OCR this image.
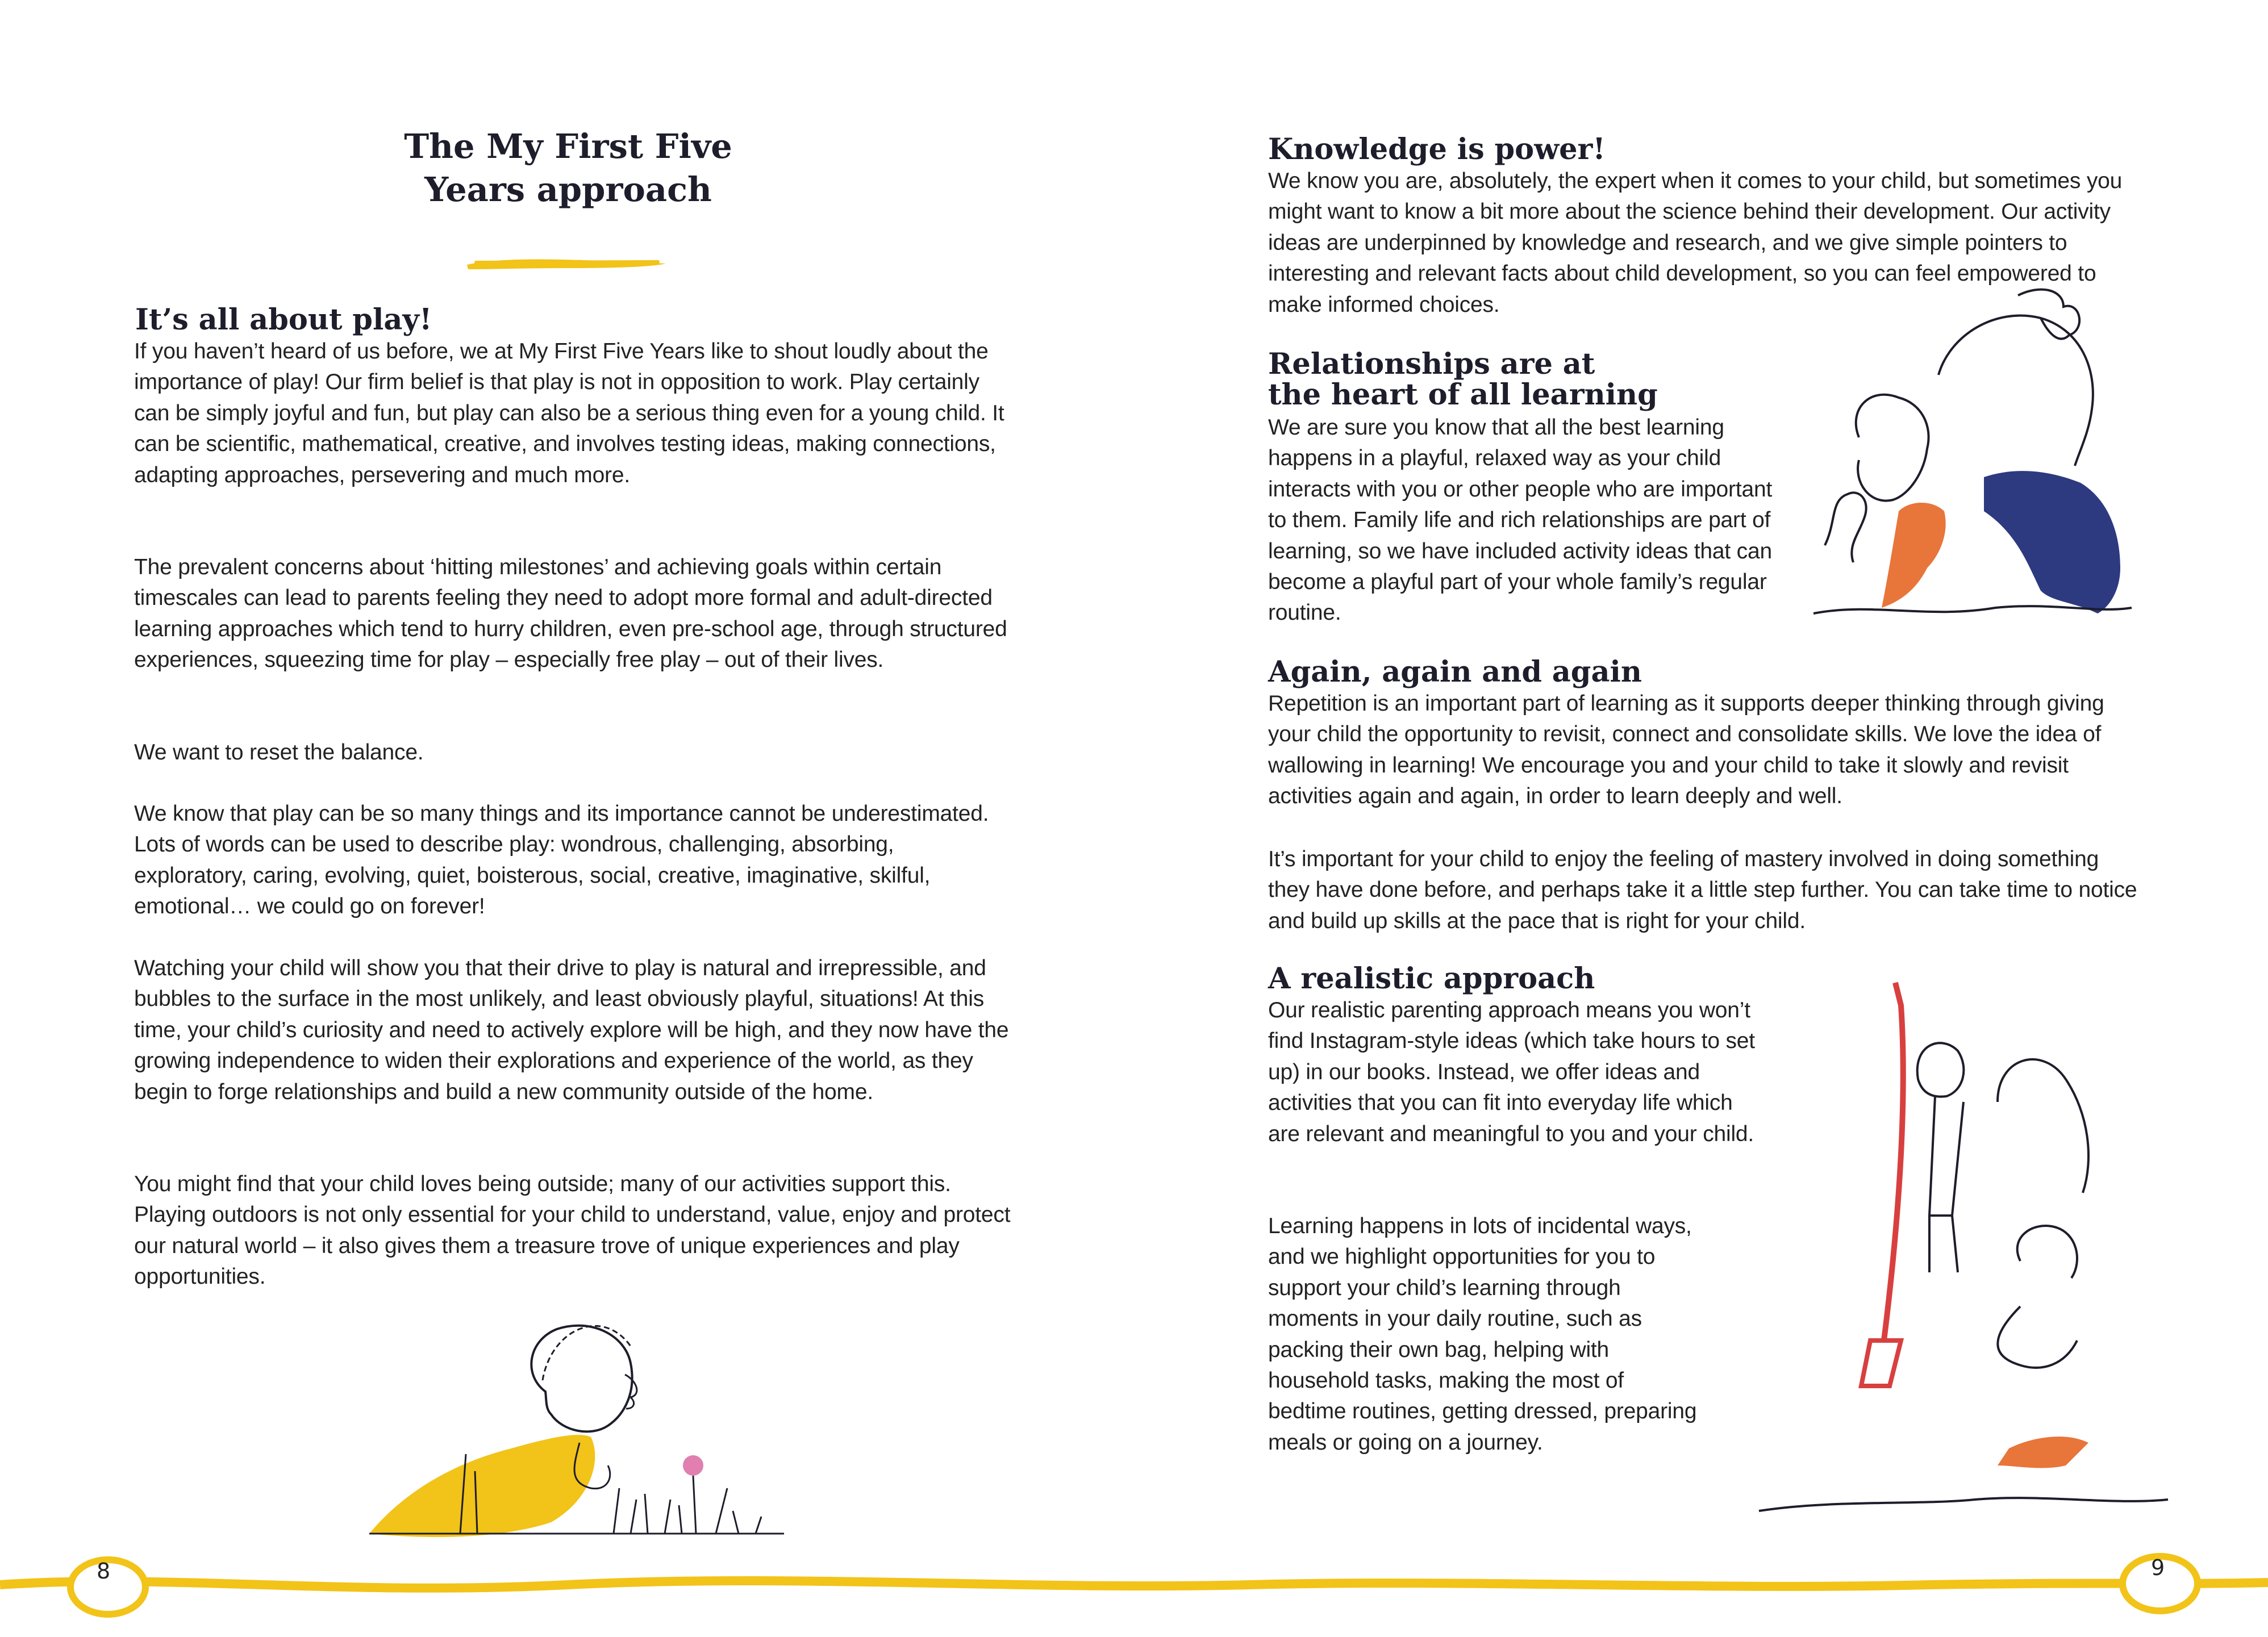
The My First Five
Years approach
It’s all about play!

If you haven’t heard of us before, we at My First Five Years like to shout loudly about the importance of play! Our firm belief is that play is not in opposition to work. Play certainly can be simply joyful and fun, but play can also be a serious thing even for a young child. It can be scientific, mathematical, creative, and involves testing ideas, making connections, adapting approaches, persevering and much more.

The prevalent concerns about ‘hitting milestones’ and achieving goals within certain timescales can lead to parents feeling they need to adopt more formal and adult-directed learning approaches which tend to hurry children, even pre-school age, through structured experiences, squeezing time for play – especially free play – out of their lives.

We want to reset the balance.

We know that play can be so many things and its importance cannot be underestimated. Lots of words can be used to describe play: wondrous, challenging, absorbing, exploratory, caring, evolving, quiet, boisterous, social, creative, imaginative, skilful, emotional… we could go on forever!

Watching your child will show you that their drive to play is natural and irrepressible, and bubbles to the surface in the most unlikely, and least obviously playful, situations! At this time, your child’s curiosity and need to actively explore will be high, and they now have the growing independence to widen their explorations and experience of the world, as they begin to forge relationships and build a new community outside of the home.

You might find that your child loves being outside; many of our activities support this. Playing outdoors is not only essential for your child to understand, value, enjoy and protect our natural world – it also gives them a treasure trove of unique experiences and play opportunities.

Knowledge is power!

We know you are, absolutely, the expert when it comes to your child, but sometimes you might want to know a bit more about the science behind their development. Our activity ideas are underpinned by knowledge and research, and we give simple pointers to interesting and relevant facts about child development, so you can feel empowered to make informed choices.

Relationships are at
the heart of all learning

We are sure you know that all the best learning happens in a playful, relaxed way as your child interacts with you or other people who are important to them. Family life and rich relationships are part of learning, so we have included activity ideas that can become a playful part of your whole family’s regular routine.

Again, again and again

Repetition is an important part of learning as it supports deeper thinking through giving your child the opportunity to revisit, connect and consolidate skills. We love the idea of wallowing in learning! We encourage you and your child to take it slowly and revisit activities again and again, in order to learn deeply and well.

It’s important for your child to enjoy the feeling of mastery involved in doing something they have done before, and perhaps take it a little step further. You can take time to notice and build up skills at the pace that is right for your child.

A realistic approach

Our realistic parenting approach means you won’t find Instagram-style ideas (which take hours to set up) in our books. Instead, we offer ideas and activities that you can fit into everyday life which are relevant and meaningful to you and your child.

Learning happens in lots of incidental ways, and we highlight opportunities for you to support your child’s learning through moments in your daily routine, such as packing their own bag, helping with household tasks, making the most of bedtime routines, getting dressed, preparing meals or going on a journey.

8	9
